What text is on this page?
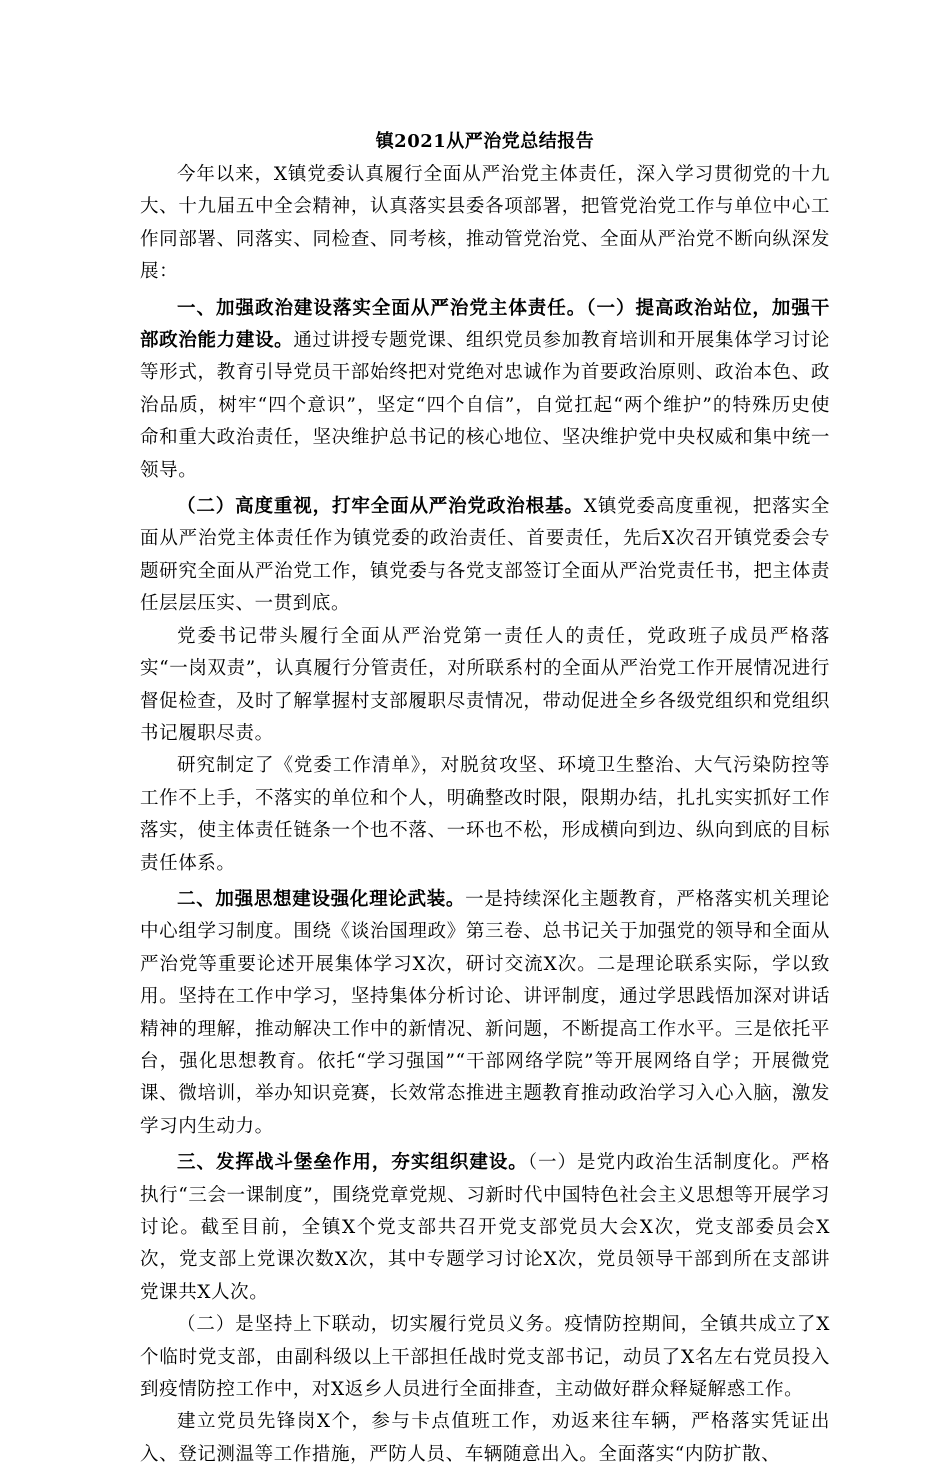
镇2021从严治党总结报告

今年以来，X镇党委认真履行全面从严治党主体责任，深入学习贯彻党的十九大、十九届五中全会精神，认真落实县委各项部署，把管党治党工作与单位中心工作同部署、同落实、同检查、同考核，推动管党治党、全面从严治党不断向纵深发展：

一、加强政治建设落实全面从严治党主体责任。（一）提高政治站位，加强干部政治能力建设。通过讲授专题党课、组织党员参加教育培训和开展集体学习讨论等形式，教育引导党员干部始终把对党绝对忠诚作为首要政治原则、政治本色、政治品质，树牢“四个意识”，坚定“四个自信”，自觉扛起“两个维护”的特殊历史使命和重大政治责任，坚决维护总书记的核心地位、坚决维护党中央权威和集中统一领导。

（二）高度重视，打牢全面从严治党政治根基。X镇党委高度重视，把落实全面从严治党主体责任作为镇党委的政治责任、首要责任，先后X次召开镇党委会专题研究全面从严治党工作，镇党委与各党支部签订全面从严治党责任书，把主体责任层层压实、一贯到底。

党委书记带头履行全面从严治党第一责任人的责任，党政班子成员严格落实“一岗双责”，认真履行分管责任，对所联系村的全面从严治党工作开展情况进行督促检查，及时了解掌握村支部履职尽责情况，带动促进全乡各级党组织和党组织书记履职尽责。

研究制定了《党委工作清单》，对脱贫攻坚、环境卫生整治、大气污染防控等工作不上手，不落实的单位和个人，明确整改时限，限期办结，扎扎实实抓好工作落实，使主体责任链条一个也不落、一环也不松，形成横向到边、纵向到底的目标责任体系。

二、加强思想建设强化理论武装。一是持续深化主题教育，严格落实机关理论中心组学习制度。围绕《谈治国理政》第三卷、总书记关于加强党的领导和全面从严治党等重要论述开展集体学习X次，研讨交流X次。二是理论联系实际，学以致用。坚持在工作中学习，坚持集体分析讨论、讲评制度，通过学思践悟加深对讲话精神的理解，推动解决工作中的新情况、新问题，不断提高工作水平。三是依托平台，强化思想教育。依托“学习强国”“干部网络学院”等开展网络自学；开展微党课、微培训，举办知识竞赛，长效常态推进主题教育推动政治学习入心入脑，激发学习内生动力。

三、发挥战斗堡垒作用，夯实组织建设。（一）是党内政治生活制度化。严格执行“三会一课制度”，围绕党章党规、习新时代中国特色社会主义思想等开展学习讨论。截至目前，全镇X个党支部共召开党支部党员大会X次，党支部委员会X次，党支部上党课次数X次，其中专题学习讨论X次，党员领导干部到所在支部讲党课共X人次。

（二）是坚持上下联动，切实履行党员义务。疫情防控期间，全镇共成立了X个临时党支部，由副科级以上干部担任战时党支部书记，动员了X名左右党员投入到疫情防控工作中，对X返乡人员进行全面排查，主动做好群众释疑解惑工作。

建立党员先锋岗X个，参与卡点值班工作，劝返来往车辆，严格落实凭证出入、登记测温等工作措施，严防人员、车辆随意出入。全面落实“内防扩散、
